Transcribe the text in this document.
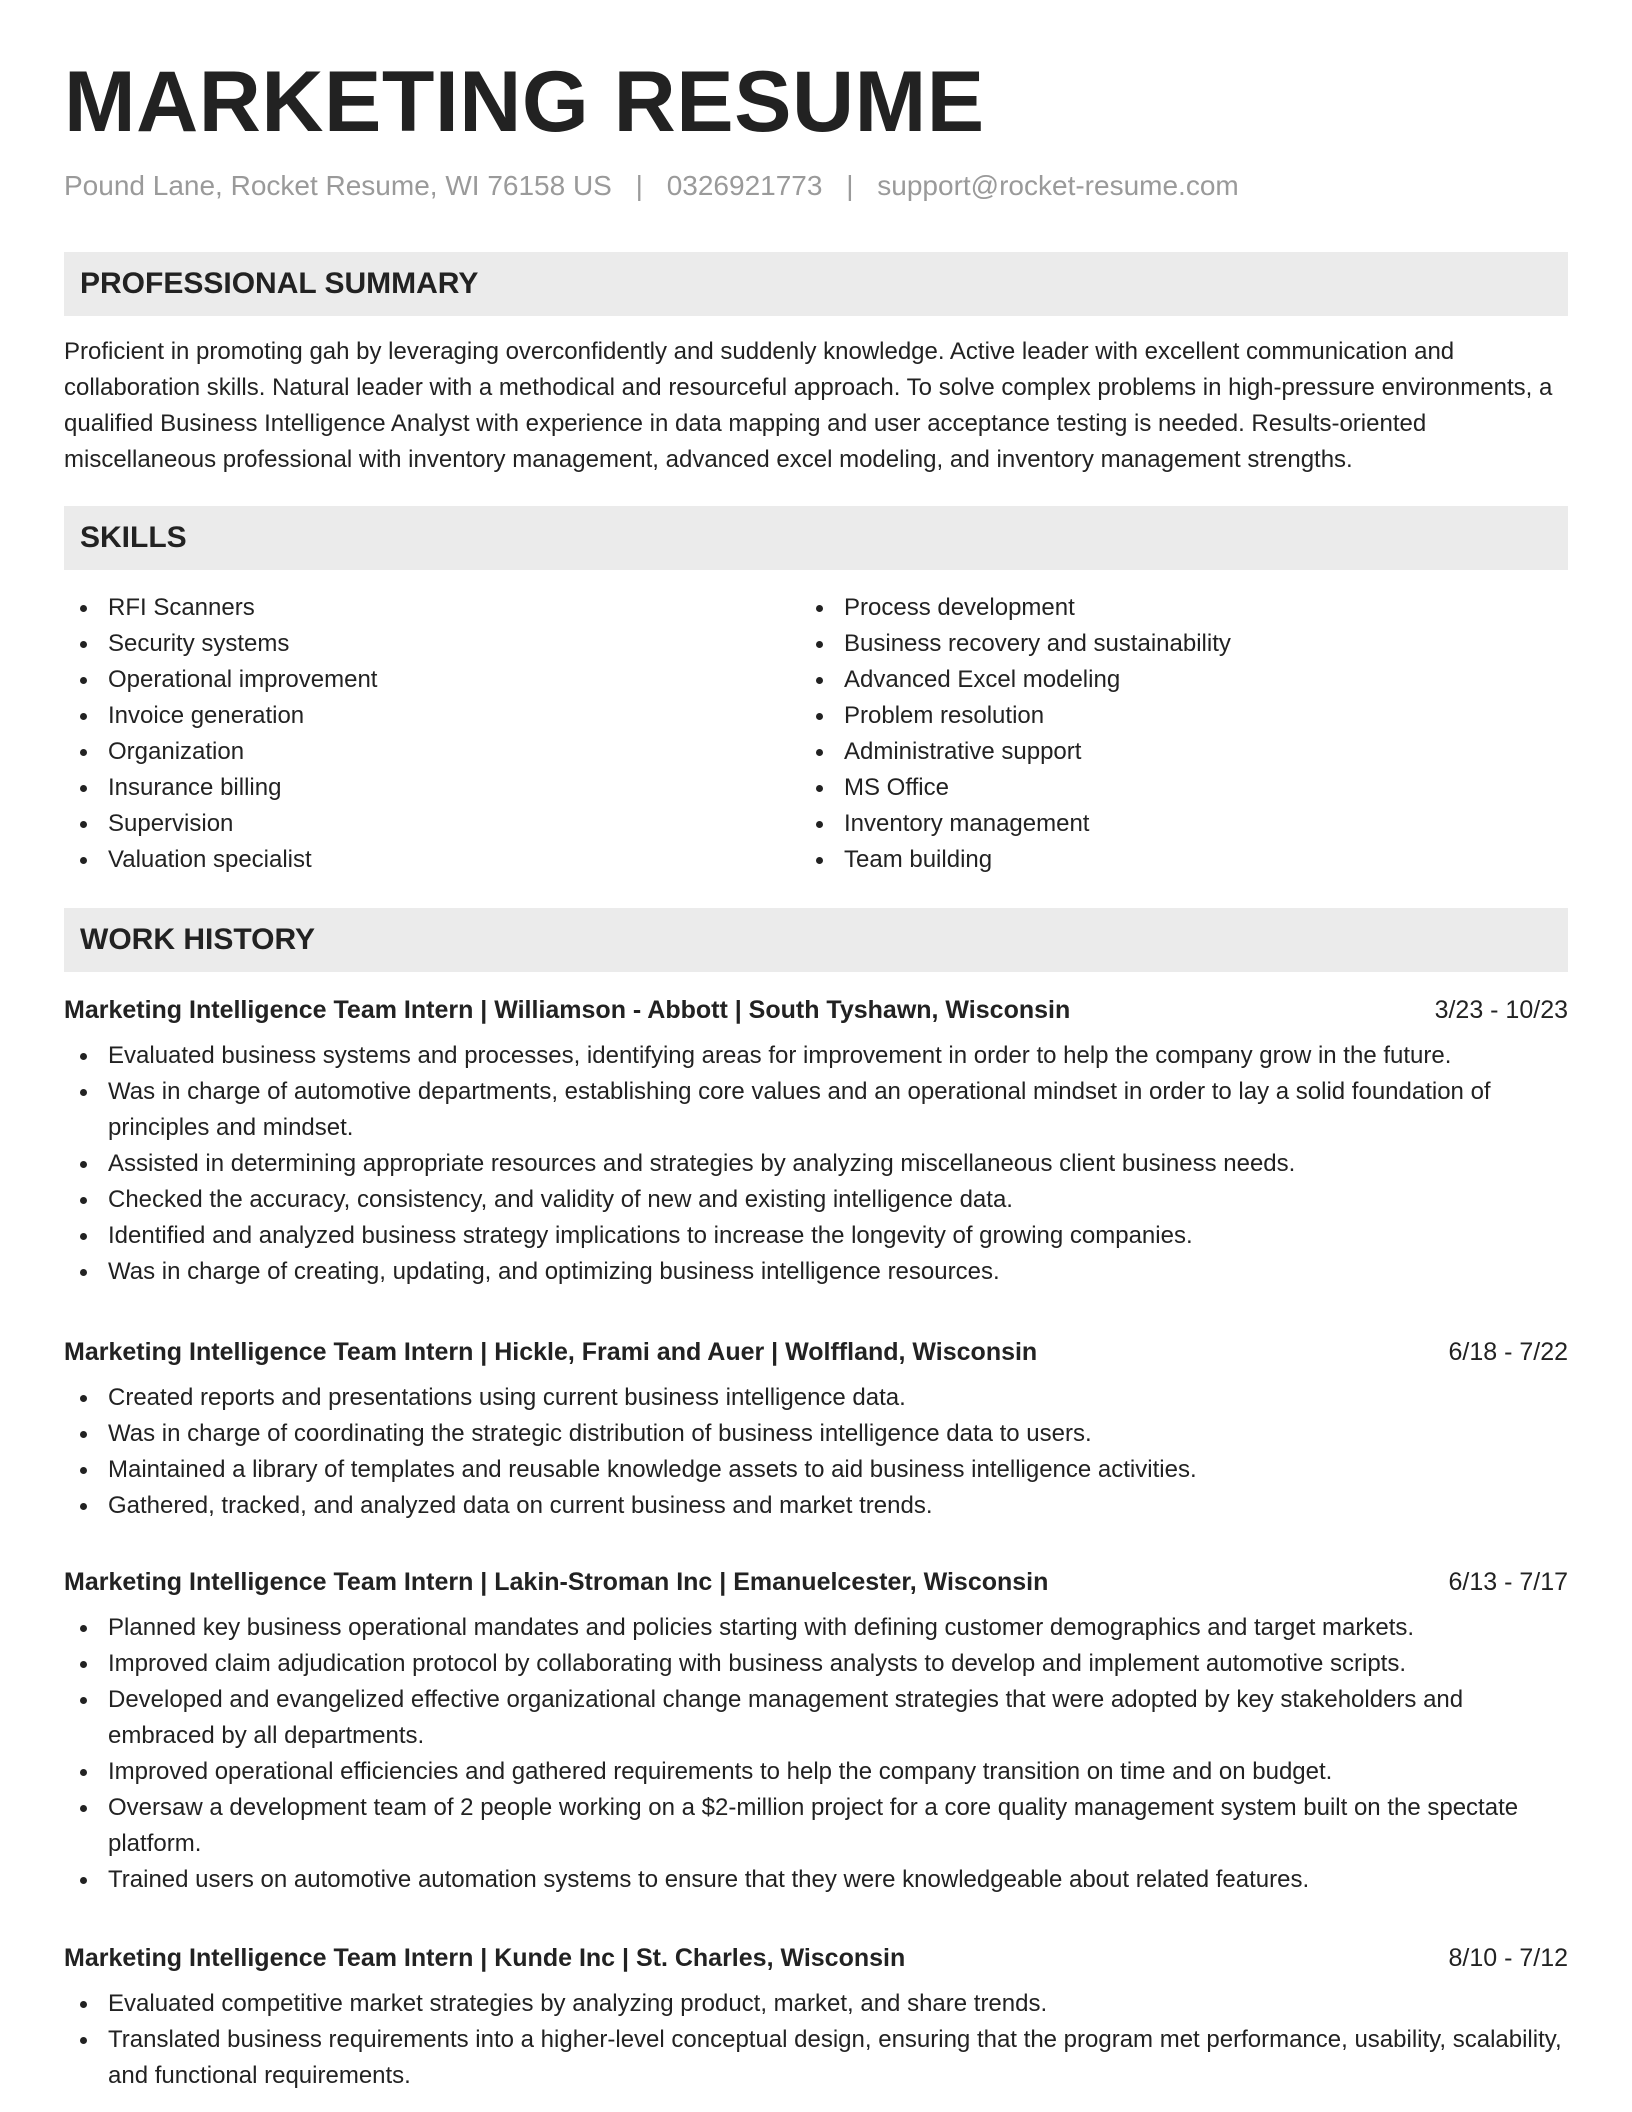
MARKETING RESUME
Pound Lane, Rocket Resume, WI 76158 US | 0326921773 | support@rocket-resume.com
PROFESSIONAL SUMMARY

Proficient in promoting gah by leveraging overconfidently and suddenly knowledge. Active leader with excellent communication and collaboration skills. Natural leader with a methodical and resourceful approach. To solve complex problems in high-pressure environments, a qualified Business Intelligence Analyst with experience in data mapping and user acceptance testing is needed. Results-oriented miscellaneous professional with inventory management, advanced excel modeling, and inventory management strengths.

SKILLS
RFI Scanners
Security systems
Operational improvement
Invoice generation
Organization
Insurance billing
Supervision
Valuation specialist
Process development
Business recovery and sustainability
Advanced Excel modeling
Problem resolution
Administrative support
MS Office
Inventory management
Team building
WORK HISTORY
Marketing Intelligence Team Intern | Williamson - Abbott | South Tyshawn, Wisconsin	3/23 - 10/23
Evaluated business systems and processes, identifying areas for improvement in order to help the company grow in the future.
Was in charge of automotive departments, establishing core values and an operational mindset in order to lay a solid foundation of principles and mindset.
Assisted in determining appropriate resources and strategies by analyzing miscellaneous client business needs.
Checked the accuracy, consistency, and validity of new and existing intelligence data.
Identified and analyzed business strategy implications to increase the longevity of growing companies.
Was in charge of creating, updating, and optimizing business intelligence resources.
Marketing Intelligence Team Intern | Hickle, Frami and Auer | Wolffland, Wisconsin	6/18 - 7/22
Created reports and presentations using current business intelligence data.
Was in charge of coordinating the strategic distribution of business intelligence data to users.
Maintained a library of templates and reusable knowledge assets to aid business intelligence activities.
Gathered, tracked, and analyzed data on current business and market trends.
Marketing Intelligence Team Intern | Lakin-Stroman Inc | Emanuelcester, Wisconsin	6/13 - 7/17
Planned key business operational mandates and policies starting with defining customer demographics and target markets.
Improved claim adjudication protocol by collaborating with business analysts to develop and implement automotive scripts.
Developed and evangelized effective organizational change management strategies that were adopted by key stakeholders and embraced by all departments.
Improved operational efficiencies and gathered requirements to help the company transition on time and on budget.
Oversaw a development team of 2 people working on a $2-million project for a core quality management system built on the spectate platform.
Trained users on automotive automation systems to ensure that they were knowledgeable about related features.
Marketing Intelligence Team Intern | Kunde Inc | St. Charles, Wisconsin	8/10 - 7/12
Evaluated competitive market strategies by analyzing product, market, and share trends.
Translated business requirements into a higher-level conceptual design, ensuring that the program met performance, usability, scalability, and functional requirements.
